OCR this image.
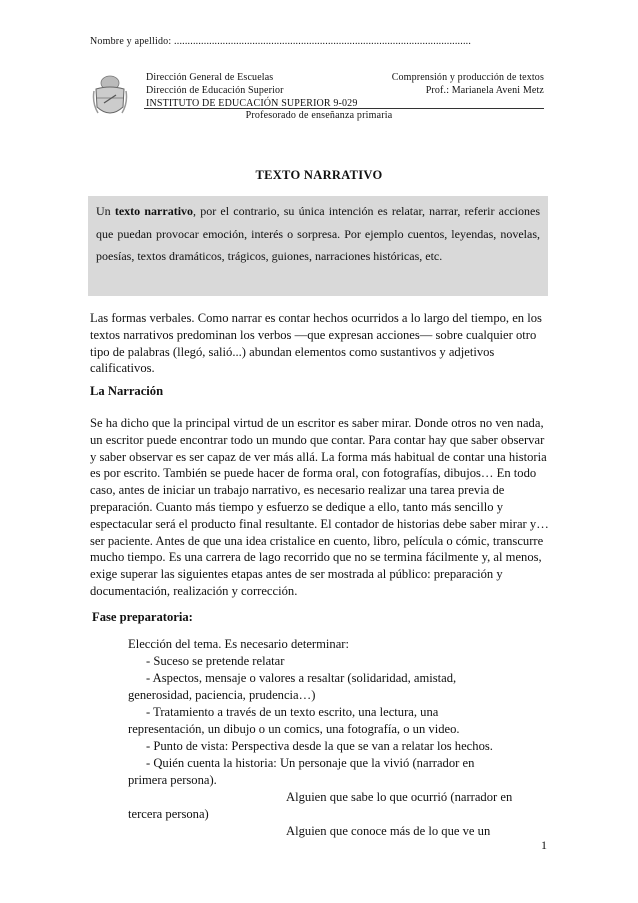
Nombre y apellido: ..............................................................................................................
Dirección General de Escuelas
Dirección de Educación Superior
INSTITUTO DE EDUCACIÓN SUPERIOR 9-029
Comprensión y producción de textos
Prof.: Marianela Aveni Metz
Profesorado de enseñanza primaria
TEXTO NARRATIVO
Un texto narrativo, por el contrario, su única intención es relatar, narrar, referir acciones que puedan provocar emoción, interés o sorpresa. Por ejemplo cuentos, leyendas, novelas, poesías, textos dramáticos, trágicos, guiones, narraciones históricas, etc.
Las formas verbales. Como narrar es contar hechos ocurridos a lo largo del tiempo, en los textos narrativos predominan los verbos —que expresan acciones— sobre cualquier otro tipo de palabras (llegó, salió...) abundan elementos como sustantivos y adjetivos calificativos.
La Narración
Se ha dicho que la principal virtud de un escritor es saber mirar. Donde otros no ven nada, un escritor puede encontrar todo un mundo que contar. Para contar hay que saber observar y saber observar es ser capaz de ver más allá. La forma más habitual de contar una historia es por escrito. También se puede hacer de forma oral, con fotografías, dibujos… En todo caso, antes de iniciar un trabajo narrativo, es necesario realizar una tarea previa de preparación. Cuanto más tiempo y esfuerzo se dedique a ello, tanto más sencillo y espectacular será el producto final resultante. El contador de historias debe saber mirar y… ser paciente. Antes de que una idea cristalice en cuento, libro, película o cómic, transcurre mucho tiempo. Es una carrera de lago recorrido que no se termina fácilmente y, al menos, exige superar las siguientes etapas antes de ser mostrada al público: preparación y documentación, realización y corrección.
Fase preparatoria:
Elección del tema. Es necesario determinar:
- Suceso se pretende relatar
- Aspectos, mensaje o valores a resaltar (solidaridad, amistad,
generosidad, paciencia, prudencia…)
- Tratamiento a través de un texto escrito, una lectura, una
representación, un dibujo o un comics, una fotografía, o un video.
- Punto de vista: Perspectiva desde la que se van a relatar los hechos.
- Quién cuenta la historia: Un personaje que la vivió (narrador en
primera persona).
Alguien que sabe lo que ocurrió (narrador en
tercera persona)
Alguien que conoce más de lo que ve un
1
